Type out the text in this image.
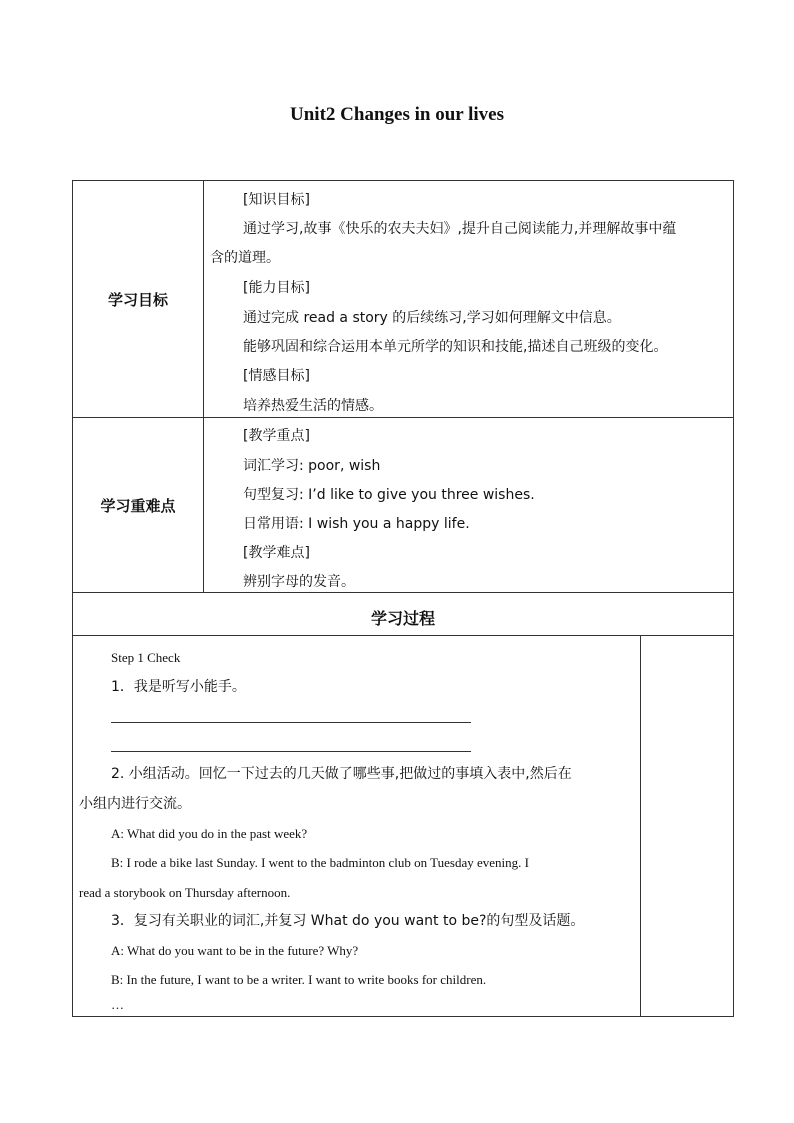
Unit2 Changes in our lives
学习目标
[知识目标]
通过学习,故事《快乐的农夫夫妇》,提升自己阅读能力,并理解故事中蕴
含的道理。
[能力目标]
通过完成 read a story 的后续练习,学习如何理解文中信息。
能够巩固和综合运用本单元所学的知识和技能,描述自己班级的变化。
[情感目标]
培养热爱生活的情感。
学习重难点
[教学重点]
词汇学习: poor, wish
句型复习: I’d like to give you three wishes.
日常用语: I wish you a happy life.
[教学难点]
辨别字母的发音。
学习过程
Step 1 Check
1．我是听写小能手。
2. 小组活动。回忆一下过去的几天做了哪些事,把做过的事填入表中,然后在
小组内进行交流。
A: What did you do in the past week?
B: I rode a bike last Sunday. I went to the badminton club on Tuesday evening. I
read a storybook on Thursday afternoon.
3．复习有关职业的词汇,并复习 What do you want to be?的句型及话题。
A: What do you want to be in the future? Why?
B: In the future, I want to be a writer. I want to write books for children.
…
